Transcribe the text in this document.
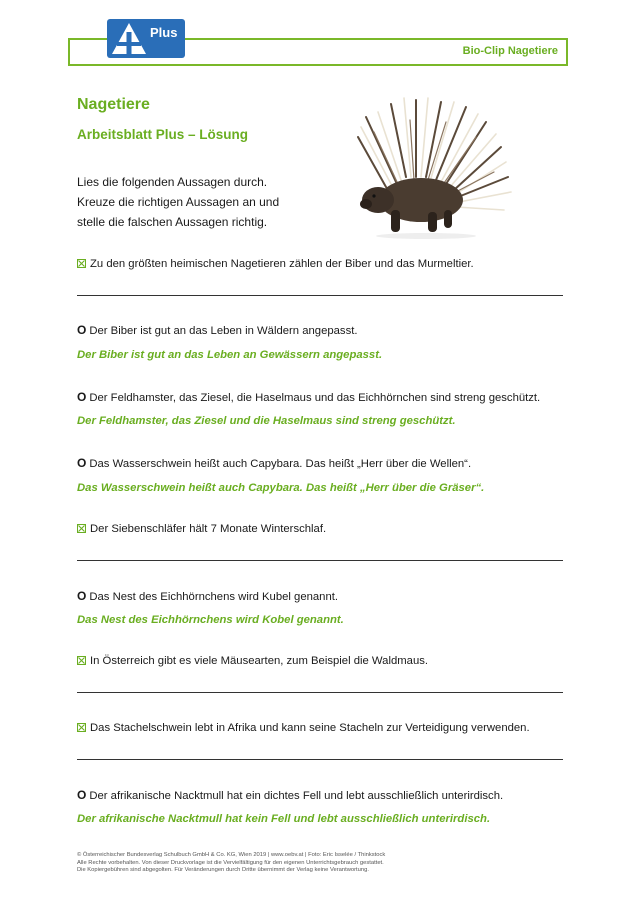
Bio-Clip Nagetiere
Plus
Nagetiere
Arbeitsblatt Plus – Lösung
Lies die folgenden Aussagen durch.
Kreuze die richtigen Aussagen an und
stelle die falschen Aussagen richtig.
Zu den größten heimischen Nagetieren zählen der Biber und das Murmeltier.
O Der Biber ist gut an das Leben in Wäldern angepasst.
Der Biber ist gut an das Leben an Gewässern angepasst.
O Der Feldhamster, das Ziesel, die Haselmaus und das Eichhörnchen sind streng geschützt.
Der Feldhamster, das Ziesel und die Haselmaus sind streng geschützt.
O Das Wasserschwein heißt auch Capybara. Das heißt „Herr über die Wellen“.
Das Wasserschwein heißt auch Capybara. Das heißt „Herr über die Gräser“.
Der Siebenschläfer hält 7 Monate Winterschlaf.
O Das Nest des Eichhörnchens wird Kubel genannt.
Das Nest des Eichhörnchens wird Kobel genannt.
In Österreich gibt es viele Mäusearten, zum Beispiel die Waldmaus.
Das Stachelschwein lebt in Afrika und kann seine Stacheln zur Verteidigung verwenden.
O Der afrikanische Nacktmull hat ein dichtes Fell und lebt ausschließlich unterirdisch.
Der afrikanische Nacktmull hat kein Fell und lebt ausschließlich unterirdisch.
© Österreichischer Bundesverlag Schulbuch GmbH & Co. KG, Wien 2019 | www.oebv.at | Foto: Eric Isselée / Thinkstock
Alle Rechte vorbehalten. Von dieser Druckvorlage ist die Vervielfältigung für den eigenen Unterrichtsgebrauch gestattet.
Die Kopiergebühren sind abgegolten. Für Veränderungen durch Dritte übernimmt der Verlag keine Verantwortung.
